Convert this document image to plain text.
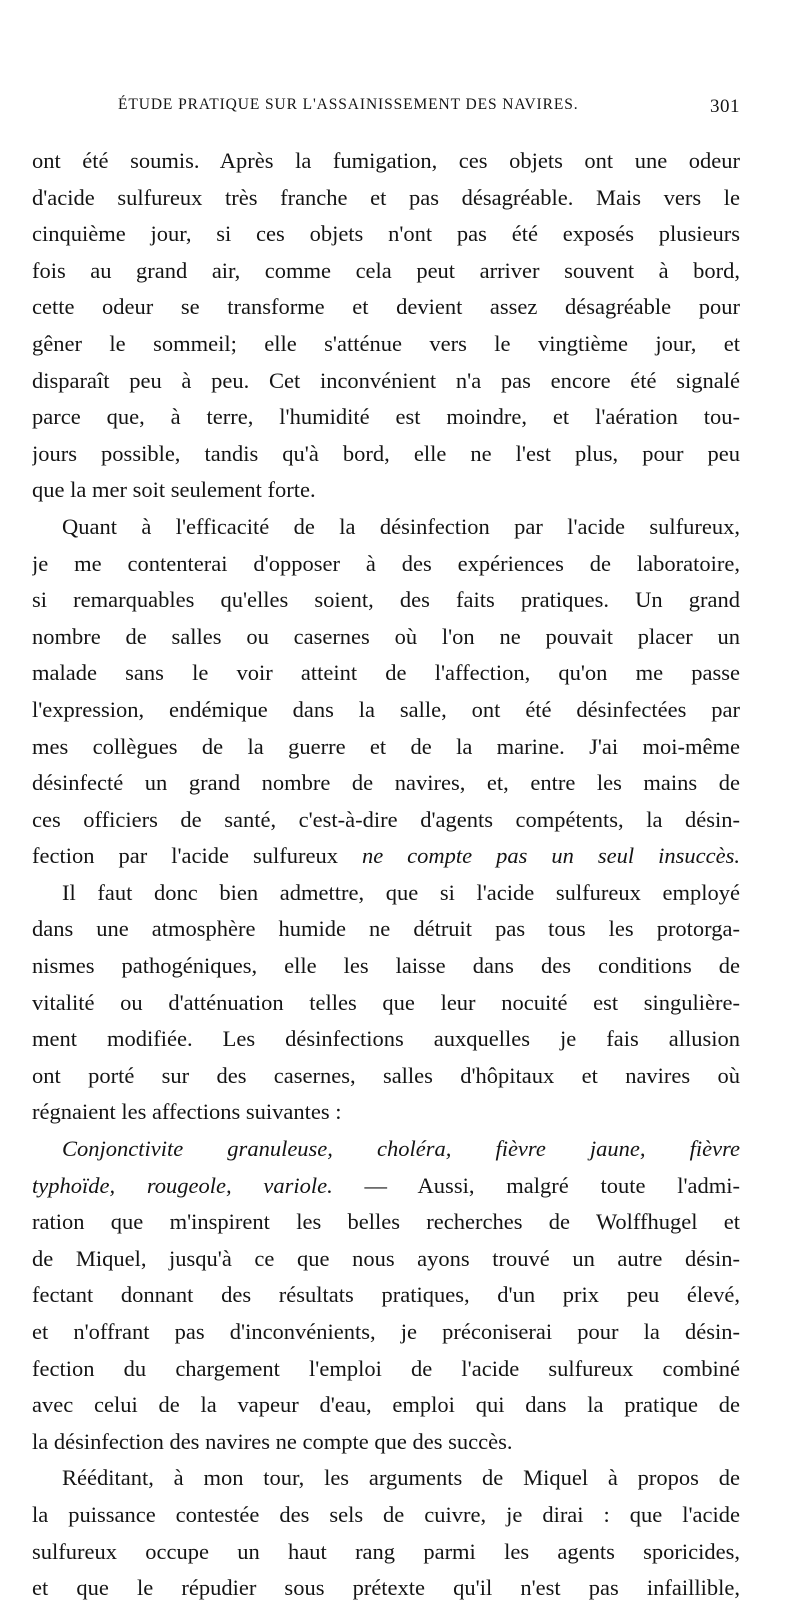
ÉTUDE PRATIQUE SUR L'ASSAINISSEMENT DES NAVIRES.	301
ont été soumis. Après la fumigation, ces objets ont une odeur
d'acide sulfureux très franche et pas désagréable. Mais vers le
cinquième jour, si ces objets n'ont pas été exposés plusieurs
fois au grand air, comme cela peut arriver souvent à bord,
cette odeur se transforme et devient assez désagréable pour
gêner le sommeil; elle s'atténue vers le vingtième jour, et
disparaît peu à peu. Cet inconvénient n'a pas encore été signalé
parce que, à terre, l'humidité est moindre, et l'aération tou-
jours possible, tandis qu'à bord, elle ne l'est plus, pour peu
que la mer soit seulement forte.
Quant à l'efficacité de la désinfection par l'acide sulfureux,
je me contenterai d'opposer à des expériences de laboratoire,
si remarquables qu'elles soient, des faits pratiques. Un grand
nombre de salles ou casernes où l'on ne pouvait placer un
malade sans le voir atteint de l'affection, qu'on me passe
l'expression, endémique dans la salle, ont été désinfectées par
mes collègues de la guerre et de la marine. J'ai moi-même
désinfecté un grand nombre de navires, et, entre les mains de
ces officiers de santé, c'est-à-dire d'agents compétents, la désin-
fection par l'acide sulfureux ne compte pas un seul insuccès.
Il faut donc bien admettre, que si l'acide sulfureux employé
dans une atmosphère humide ne détruit pas tous les protorga-
nismes pathogéniques, elle les laisse dans des conditions de
vitalité ou d'atténuation telles que leur nocuité est singulière-
ment modifiée. Les désinfections auxquelles je fais allusion
ont porté sur des casernes, salles d'hôpitaux et navires où
régnaient les affections suivantes :
Conjonctivite granuleuse, choléra, fièvre jaune, fièvre
typhoïde, rougeole, variole. — Aussi, malgré toute l'admi-
ration que m'inspirent les belles recherches de Wolffhugel et
de Miquel, jusqu'à ce que nous ayons trouvé un autre désin-
fectant donnant des résultats pratiques, d'un prix peu élevé,
et n'offrant pas d'inconvénients, je préconiserai pour la désin-
fection du chargement l'emploi de l'acide sulfureux combiné
avec celui de la vapeur d'eau, emploi qui dans la pratique de
la désinfection des navires ne compte que des succès.
Rééditant, à mon tour, les arguments de Miquel à propos de
la puissance contestée des sels de cuivre, je dirai : que l'acide
sulfureux occupe un haut rang parmi les agents sporicides,
et que le répudier sous prétexte qu'il n'est pas infaillible,
